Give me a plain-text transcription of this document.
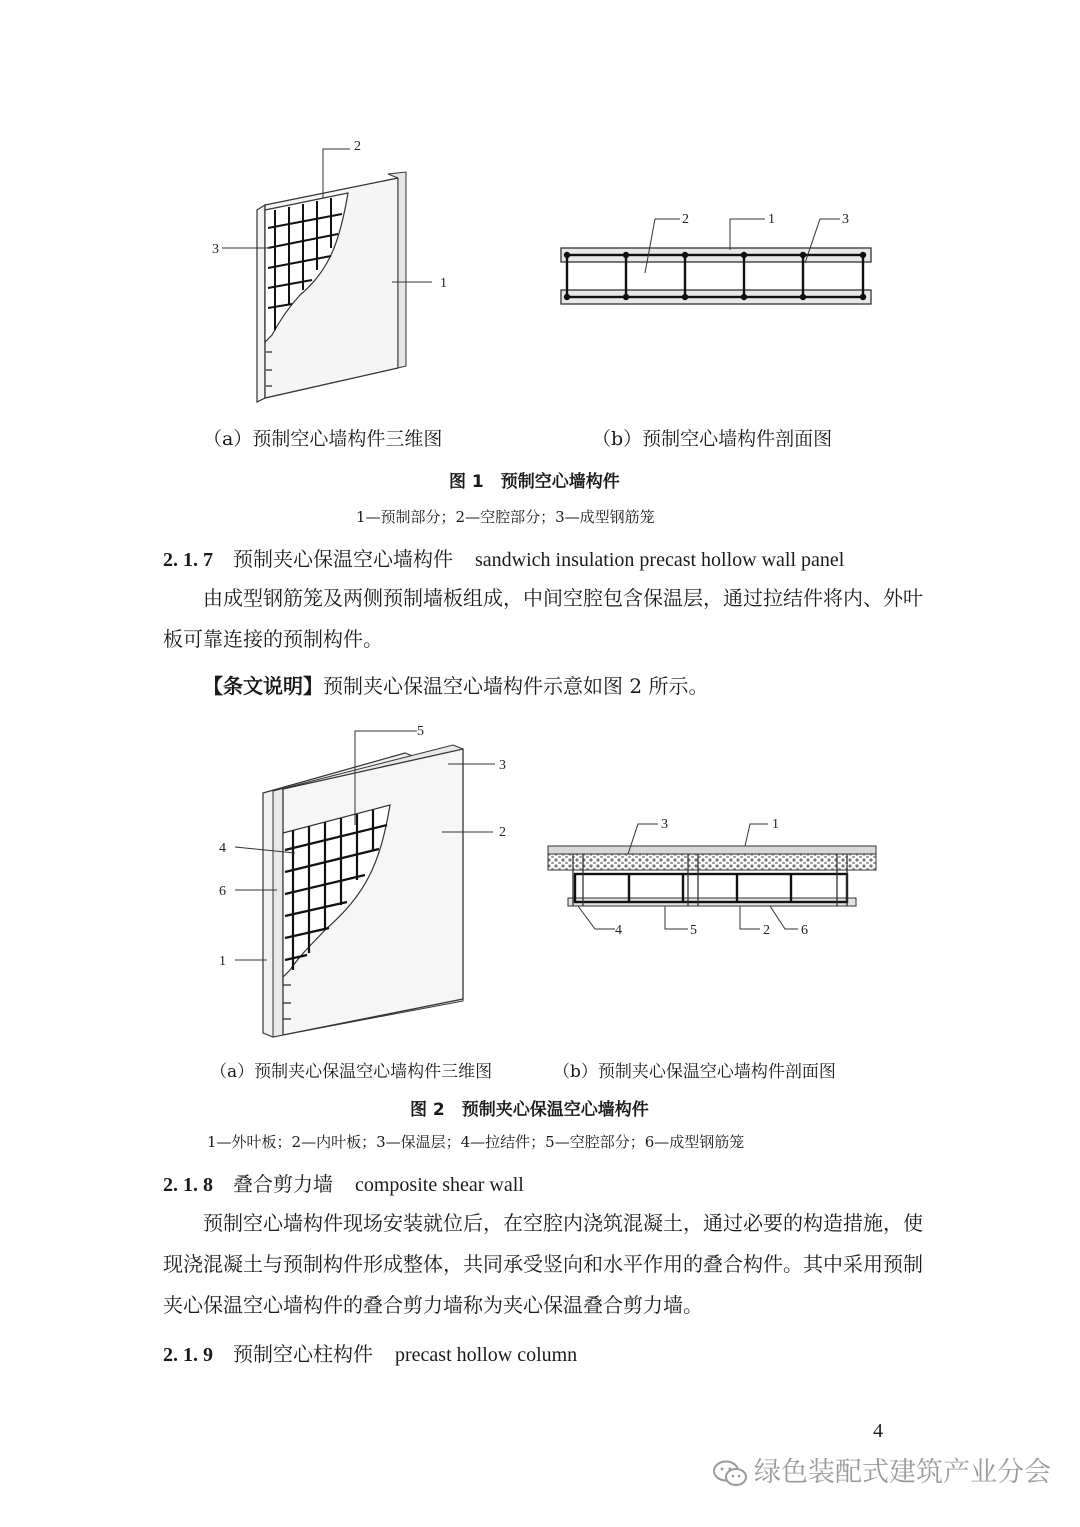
2
3
1
2	1	3
（a）预制空心墙构件三维图	（b）预制空心墙构件剖面图
图 1　预制空心墙构件
1—预制部分；2—空腔部分；3—成型钢筋笼
2. 1. 7 预制夹心保温空心墙构件 sandwich insulation precast hollow wall panel
由成型钢筋笼及两侧预制墙板组成，中间空腔包含保温层，通过拉结件将内、外叶板可靠连接的预制构件。
【条文说明】预制夹心保温空心墙构件示意如图 2 所示。
5
3
2
4
6
1
3	1
4	5	2 6
（a）预制夹心保温空心墙构件三维图	（b）预制夹心保温空心墙构件剖面图
图 2　预制夹心保温空心墙构件
1—外叶板；2—内叶板；3—保温层；4—拉结件；5—空腔部分；6—成型钢筋笼
2. 1. 8 叠合剪力墙 composite shear wall
预制空心墙构件现场安装就位后，在空腔内浇筑混凝土，通过必要的构造措施，使现浇混凝土与预制构件形成整体，共同承受竖向和水平作用的叠合构件。其中采用预制夹心保温空心墙构件的叠合剪力墙称为夹心保温叠合剪力墙。
2. 1. 9 预制空心柱构件 precast hollow column
4
绿色装配式建筑产业分会
